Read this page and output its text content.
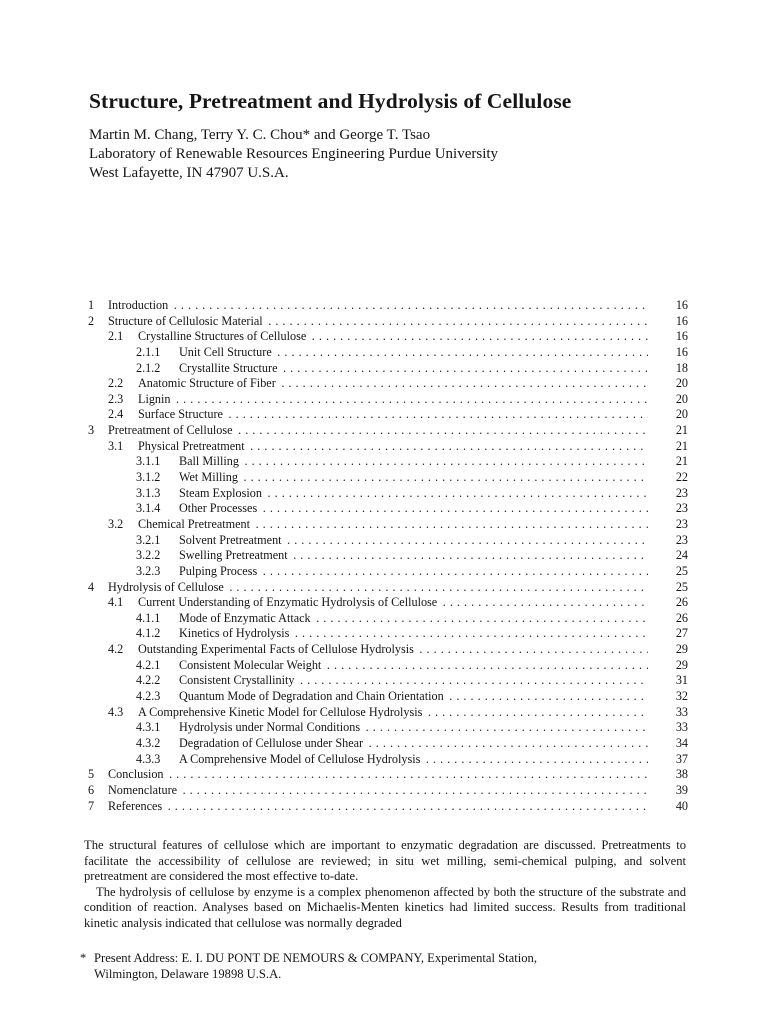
Structure, Pretreatment and Hydrolysis of Cellulose
Martin M. Chang, Terry Y. C. Chou* and George T. Tsao
Laboratory of Renewable Resources Engineering Purdue University
West Lafayette, IN 47907 U.S.A.
1 Introduction . . .	16
2 Structure of Cellulosic Material . . .	16
2.1 Crystalline Structures of Cellulose . . .	16
2.1.1 Unit Cell Structure . . .	16
2.1.2 Crystallite Structure . . .	18
2.2 Anatomic Structure of Fiber . . .	20
2.3 Lignin . . .	20
2.4 Surface Structure . . .	20
3 Pretreatment of Cellulose . . .	21
3.1 Physical Pretreatment . . .	21
3.1.1 Ball Milling . . .	21
3.1.2 Wet Milling . . .	22
3.1.3 Steam Explosion . . .	23
3.1.4 Other Processes . . .	23
3.2 Chemical Pretreatment . . .	23
3.2.1 Solvent Pretreatment . . .	23
3.2.2 Swelling Pretreatment . . .	24
3.2.3 Pulping Process . . .	25
4 Hydrolysis of Cellulose . . .	25
4.1 Current Understanding of Enzymatic Hydrolysis of Cellulose . . .	26
4.1.1 Mode of Enzymatic Attack . . .	26
4.1.2 Kinetics of Hydrolysis . . .	27
4.2 Outstanding Experimental Facts of Cellulose Hydrolysis . . .	29
4.2.1 Consistent Molecular Weight . . .	29
4.2.2 Consistent Crystallinity . . .	31
4.2.3 Quantum Mode of Degradation and Chain Orientation . . .	32
4.3 A Comprehensive Kinetic Model for Cellulose Hydrolysis . . .	33
4.3.1 Hydrolysis under Normal Conditions . . .	33
4.3.2 Degradation of Cellulose under Shear . . .	34
4.3.3 A Comprehensive Model of Cellulose Hydrolysis . . .	37
5 Conclusion . . .	38
6 Nomenclature . . .	39
7 References . . .	40

The structural features of cellulose which are important to enzymatic degradation are discussed. Pretreatments to facilitate the accessibility of cellulose are reviewed; in situ wet milling, semi-chemical pulping, and solvent pretreatment are considered the most effective to-date.

The hydrolysis of cellulose by enzyme is a complex phenomenon affected by both the structure of the substrate and condition of reaction. Analyses based on Michaelis-Menten kinetics had limited success. Results from traditional kinetic analysis indicated that cellulose was normally degraded

* Present Address: E. I. DU PONT DE NEMOURS & COMPANY, Experimental Station,
Wilmington, Delaware 19898 U.S.A.
